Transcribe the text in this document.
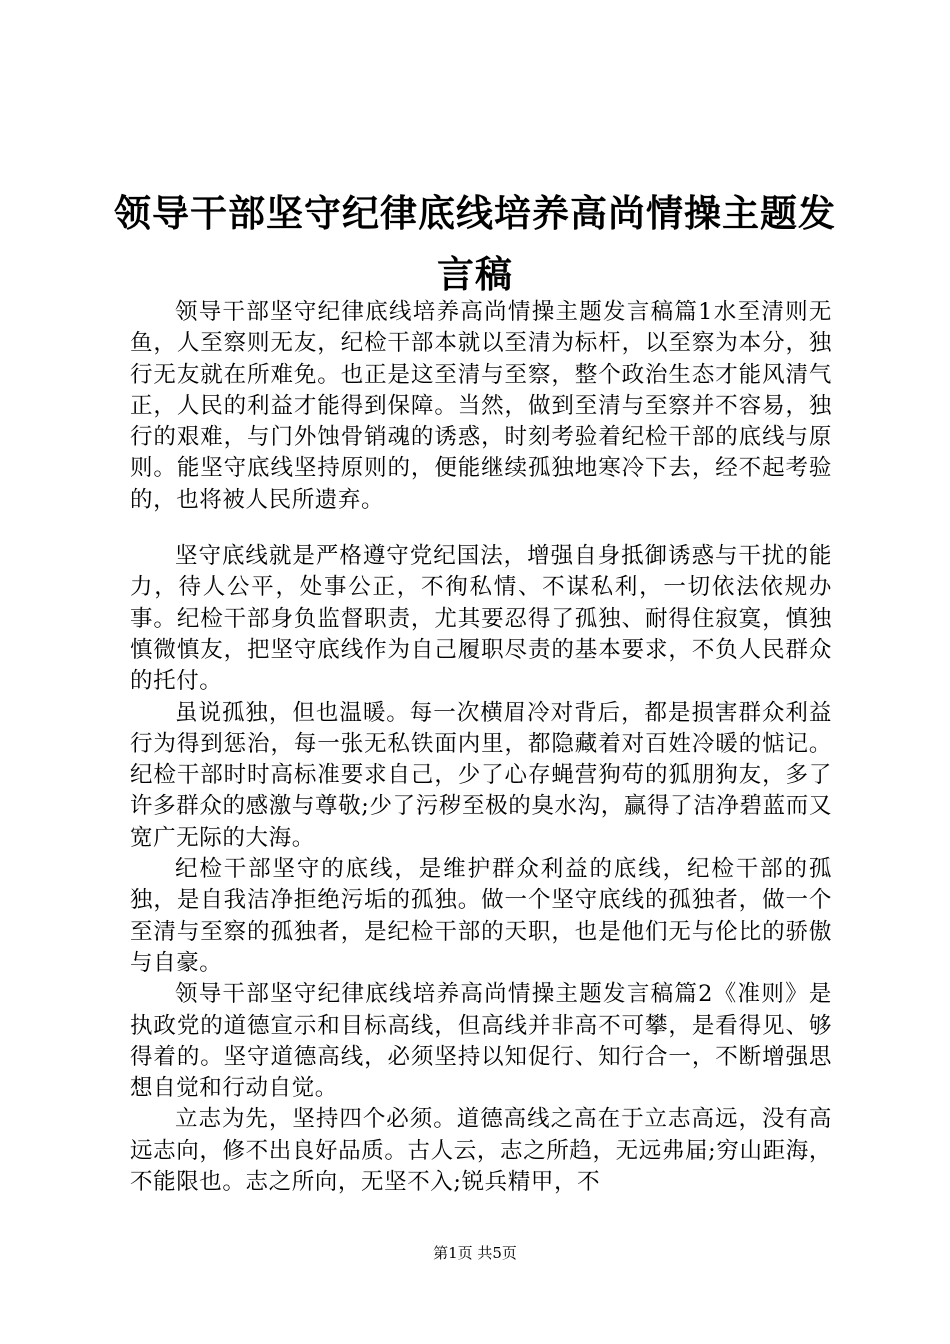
领导干部坚守纪律底线培养高尚情操主题发言稿

领导干部坚守纪律底线培养高尚情操主题发言稿篇1水至清则无鱼，人至察则无友，纪检干部本就以至清为标杆，以至察为本分，独行无友就在所难免。也正是这至清与至察，整个政治生态才能风清气正，人民的利益才能得到保障。当然，做到至清与至察并不容易，独行的艰难，与门外蚀骨销魂的诱惑，时刻考验着纪检干部的底线与原则。能坚守底线坚持原则的，便能继续孤独地寒冷下去，经不起考验的，也将被人民所遗弃。

坚守底线就是严格遵守党纪国法，增强自身抵御诱惑与干扰的能力，待人公平，处事公正，不徇私情、不谋私利，一切依法依规办事。纪检干部身负监督职责，尤其要忍得了孤独、耐得住寂寞，慎独慎微慎友，把坚守底线作为自己履职尽责的基本要求，不负人民群众的托付。

虽说孤独，但也温暖。每一次横眉冷对背后，都是损害群众利益行为得到惩治，每一张无私铁面内里，都隐藏着对百姓冷暖的惦记。纪检干部时时高标准要求自己，少了心存蝇营狗苟的狐朋狗友，多了许多群众的感激与尊敬;少了污秽至极的臭水沟，赢得了洁净碧蓝而又宽广无际的大海。

纪检干部坚守的底线，是维护群众利益的底线，纪检干部的孤独，是自我洁净拒绝污垢的孤独。做一个坚守底线的孤独者，做一个至清与至察的孤独者，是纪检干部的天职，也是他们无与伦比的骄傲与自豪。

领导干部坚守纪律底线培养高尚情操主题发言稿篇2《准则》是执政党的道德宣示和目标高线，但高线并非高不可攀，是看得见、够得着的。坚守道德高线，必须坚持以知促行、知行合一，不断增强思想自觉和行动自觉。

立志为先，坚持四个必须。道德高线之高在于立志高远，没有高远志向，修不出良好品质。古人云，志之所趋，无远弗届;穷山距海，不能限也。志之所向，无坚不入;锐兵精甲，不

第1页 共5页
